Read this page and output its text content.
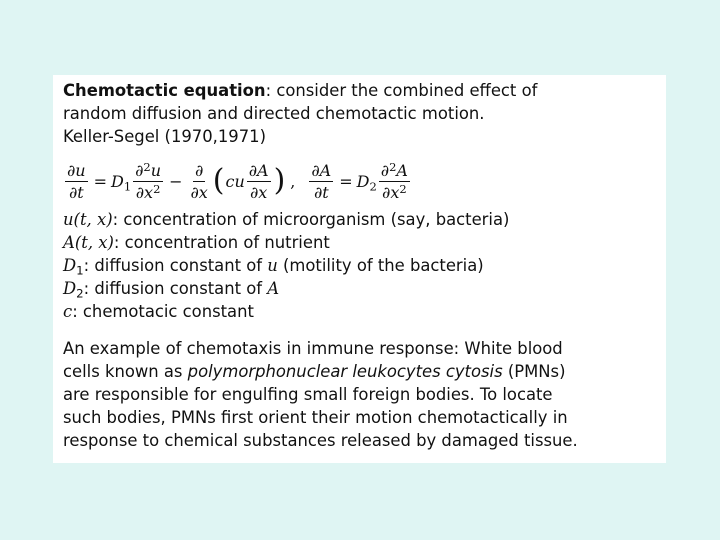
Chemotactic equation: consider the combined effect of
random diffusion and directed chemotactic motion.
Keller-Segel (1970,1971)
$\frac{\partial u}{\partial t} = D_1 \frac{\partial^2u}{\partial x^2} - \frac{\partial}{\partial x}$ ( cu $\frac{\partial A}{\partial x}$ ) , $\frac{\partial A}{\partial t} = D_2 \frac{\partial^2A}{\partial x^2}$
u(t, x): concentration of microorganism (say, bacteria)
A(t, x): concentration of nutrient
$D_1$: diffusion constant of u (motility of the bacteria)
$D_2$: diffusion constant of A
c: chemotacic constant
An example of chemotaxis in immune response: White blood
cells known as polymorphonuclear leukocytes cytosis (PMNs)
are responsible for engulfing small foreign bodies. To locate
such bodies, PMNs first orient their motion chemotactically in
response to chemical substances released by damaged tissue.
